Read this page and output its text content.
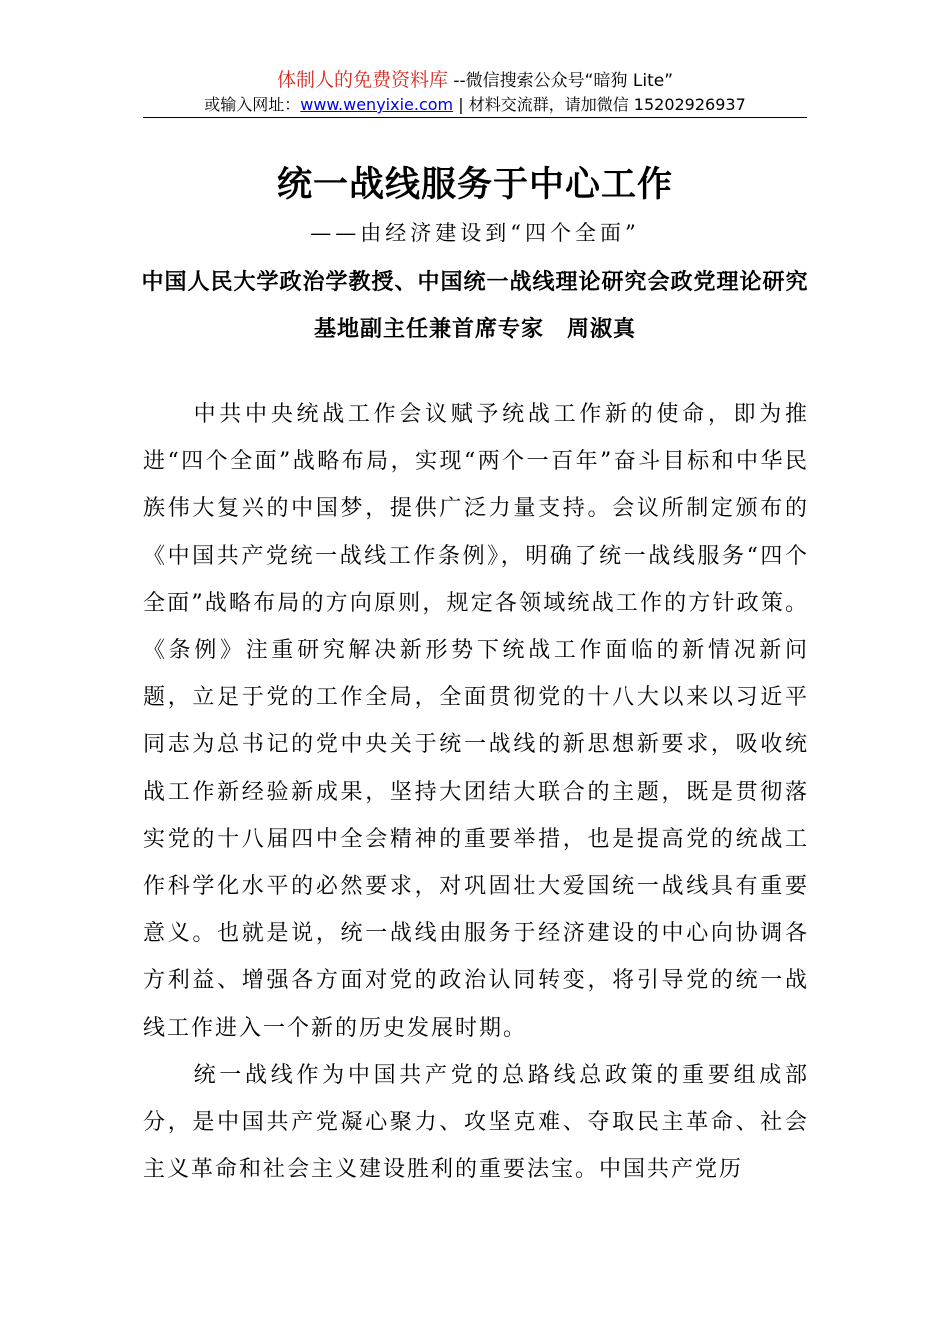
体制人的免费资料库 --微信搜索公众号“暗狗 Lite”
或输入网址：www.wenyixie.com | 材料交流群，请加微信 15202926937
统一战线服务于中心工作
——由经济建设到“四个全面”
中国人民大学政治学教授、中国统一战线理论研究会政党理论研究基地副主任兼首席专家　周淑真

中共中央统战工作会议赋予统战工作新的使命，即为推进“四个全面”战略布局，实现“两个一百年”奋斗目标和中华民族伟大复兴的中国梦，提供广泛力量支持。会议所制定颁布的《中国共产党统一战线工作条例》，明确了统一战线服务“四个全面”战略布局的方向原则，规定各领域统战工作的方针政策。《条例》注重研究解决新形势下统战工作面临的新情况新问题，立足于党的工作全局，全面贯彻党的十八大以来以习近平同志为总书记的党中央关于统一战线的新思想新要求，吸收统战工作新经验新成果，坚持大团结大联合的主题，既是贯彻落实党的十八届四中全会精神的重要举措，也是提高党的统战工作科学化水平的必然要求，对巩固壮大爱国统一战线具有重要意义。也就是说，统一战线由服务于经济建设的中心向协调各方利益、增强各方面对党的政治认同转变，将引导党的统一战线工作进入一个新的历史发展时期。

统一战线作为中国共产党的总路线总政策的重要组成部分，是中国共产党凝心聚力、攻坚克难、夺取民主革命、社会主义革命和社会主义建设胜利的重要法宝。中国共产党历
